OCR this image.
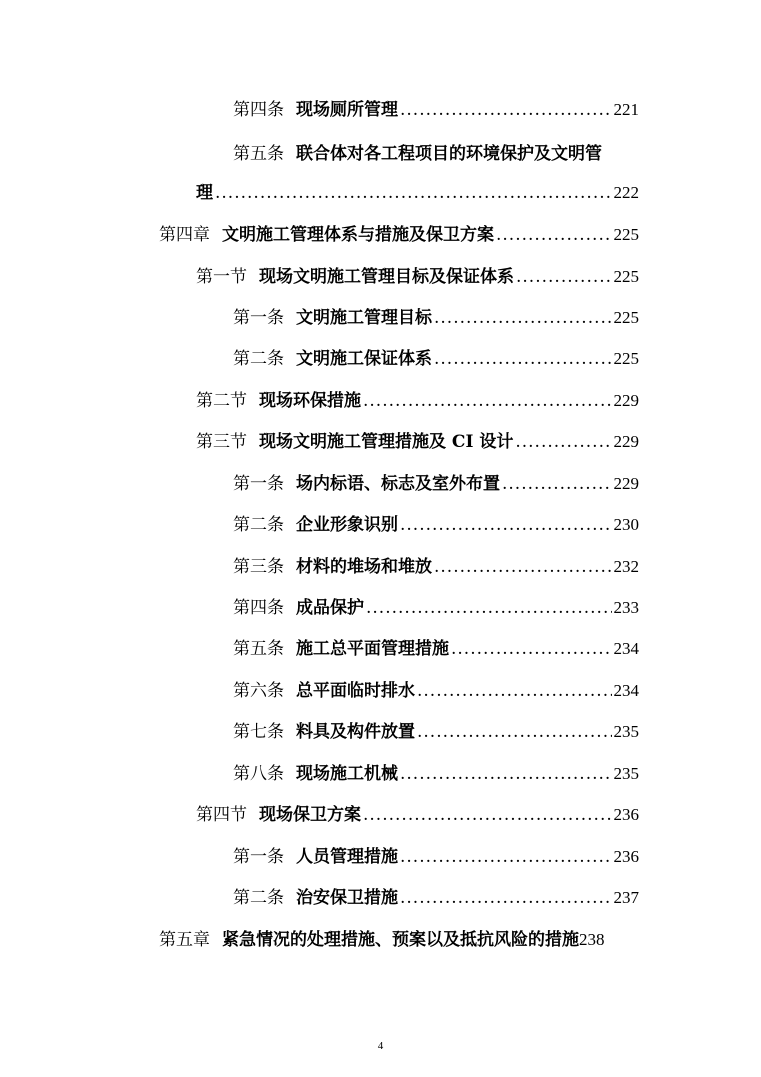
第四条 现场厕所管理 .....	221
第五条 联合体对各工程项目的环境保护及文明管
理 .....	222
第四章 文明施工管理体系与措施及保卫方案 .....	225
第一节 现场文明施工管理目标及保证体系 .....	225
第一条 文明施工管理目标 .....	225
第二条 文明施工保证体系 .....	225
第二节 现场环保措施 .....	229
第三节 现场文明施工管理措施及 CI 设计 .....	229
第一条 场内标语、标志及室外布置 .....	229
第二条 企业形象识别 .....	230
第三条 材料的堆场和堆放 .....	232
第四条 成品保护 .....	233
第五条 施工总平面管理措施 .....	234
第六条 总平面临时排水 .....	234
第七条 料具及构件放置 .....	235
第八条 现场施工机械 .....	235
第四节 现场保卫方案 .....	236
第一条 人员管理措施 .....	236
第二条 治安保卫措施 .....	237
第五章 紧急情况的处理措施、预案以及抵抗风险的措施 238
4
